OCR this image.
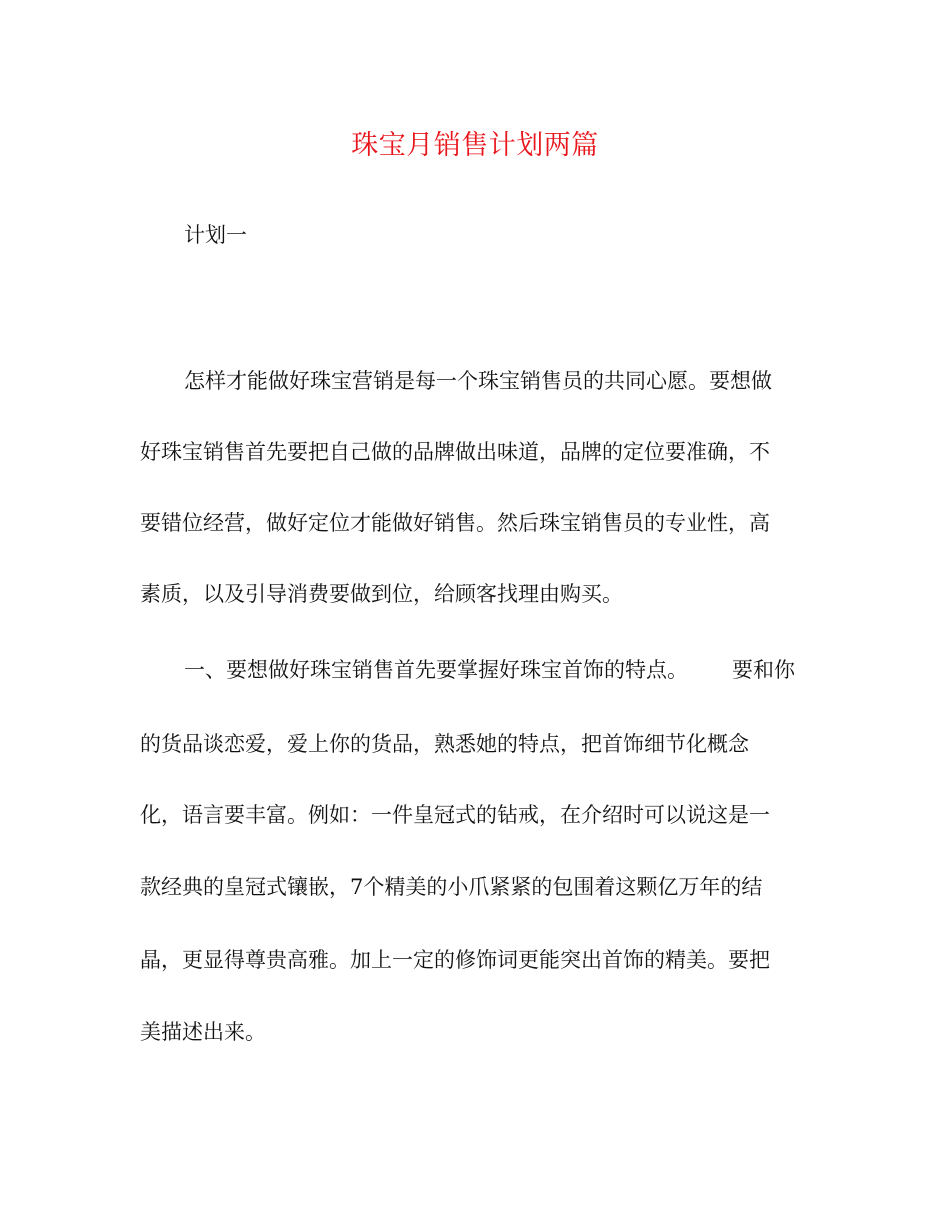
珠宝月销售计划两篇
计划一
怎样才能做好珠宝营销是每一个珠宝销售员的共同心愿。要想做
好珠宝销售首先要把自己做的品牌做出味道，品牌的定位要准确，不
要错位经营，做好定位才能做好销售。然后珠宝销售员的专业性，高
素质，以及引导消费要做到位，给顾客找理由购买。
一、要想做好珠宝销售首先要掌握好珠宝首饰的特点。 要和你
的货品谈恋爱，爱上你的货品，熟悉她的特点，把首饰细节化概念
化，语言要丰富。例如：一件皇冠式的钻戒，在介绍时可以说这是一
款经典的皇冠式镶嵌，7个精美的小爪紧紧的包围着这颗亿万年的结
晶，更显得尊贵高雅。加上一定的修饰词更能突出首饰的精美。要把
美描述出来。
